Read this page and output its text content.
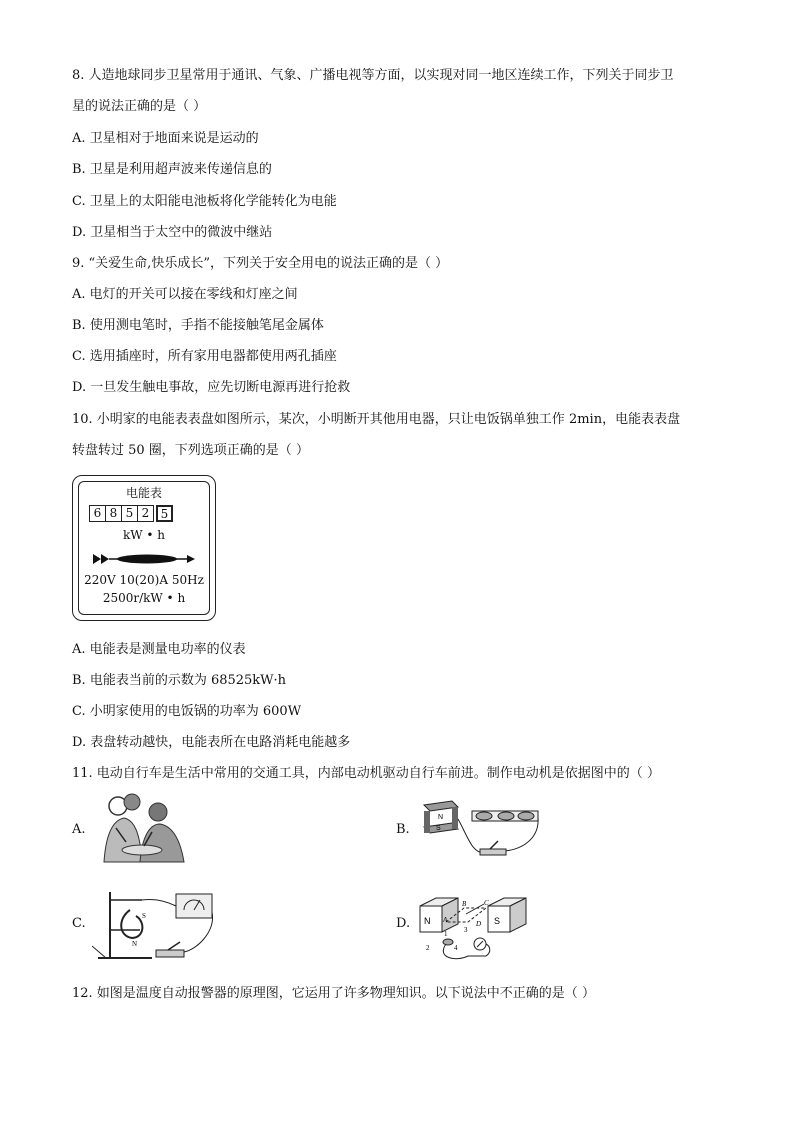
8. 人造地球同步卫星常用于通讯、气象、广播电视等方面，以实现对同一地区连续工作，下列关于同步卫
星的说法正确的是（ ）
A. 卫星相对于地面来说是运动的
B. 卫星是利用超声波来传递信息的
C. 卫星上的太阳能电池板将化学能转化为电能
D. 卫星相当于太空中的微波中继站
9. “关爱生命,快乐成长”，下列关于安全用电的说法正确的是（ ）
A. 电灯的开关可以接在零线和灯座之间
B. 使用测电笔时，手指不能接触笔尾金属体
C. 选用插座时，所有家用电器都使用两孔插座
D. 一旦发生触电事故，应先切断电源再进行抢救
10. 小明家的电能表表盘如图所示，某次，小明断开其他用电器，只让电饭锅单独工作 2min，电能表表盘
转盘转过 50 圈，下列选项正确的是（ ）
电能表
6 8 5 2 5
kW • h
220V 10(20)A 50Hz
2500r/kW • h
A. 电能表是测量电功率的仪表
B. 电能表当前的示数为 68525kW·h
C. 小明家使用的电饭锅的功率为 600W
D. 表盘转动越快，电能表所在电路消耗电能越多
11. 电动自行车是生活中常用的交通工具，内部电动机驱动自行车前进。制作电动机是依据图中的（ ）
A.	B.
N
S
C.	S
N
D. N	S
A
B	C
D
1
2
3
4
12. 如图是温度自动报警器的原理图，它运用了许多物理知识。以下说法中不正确的是（ ）
